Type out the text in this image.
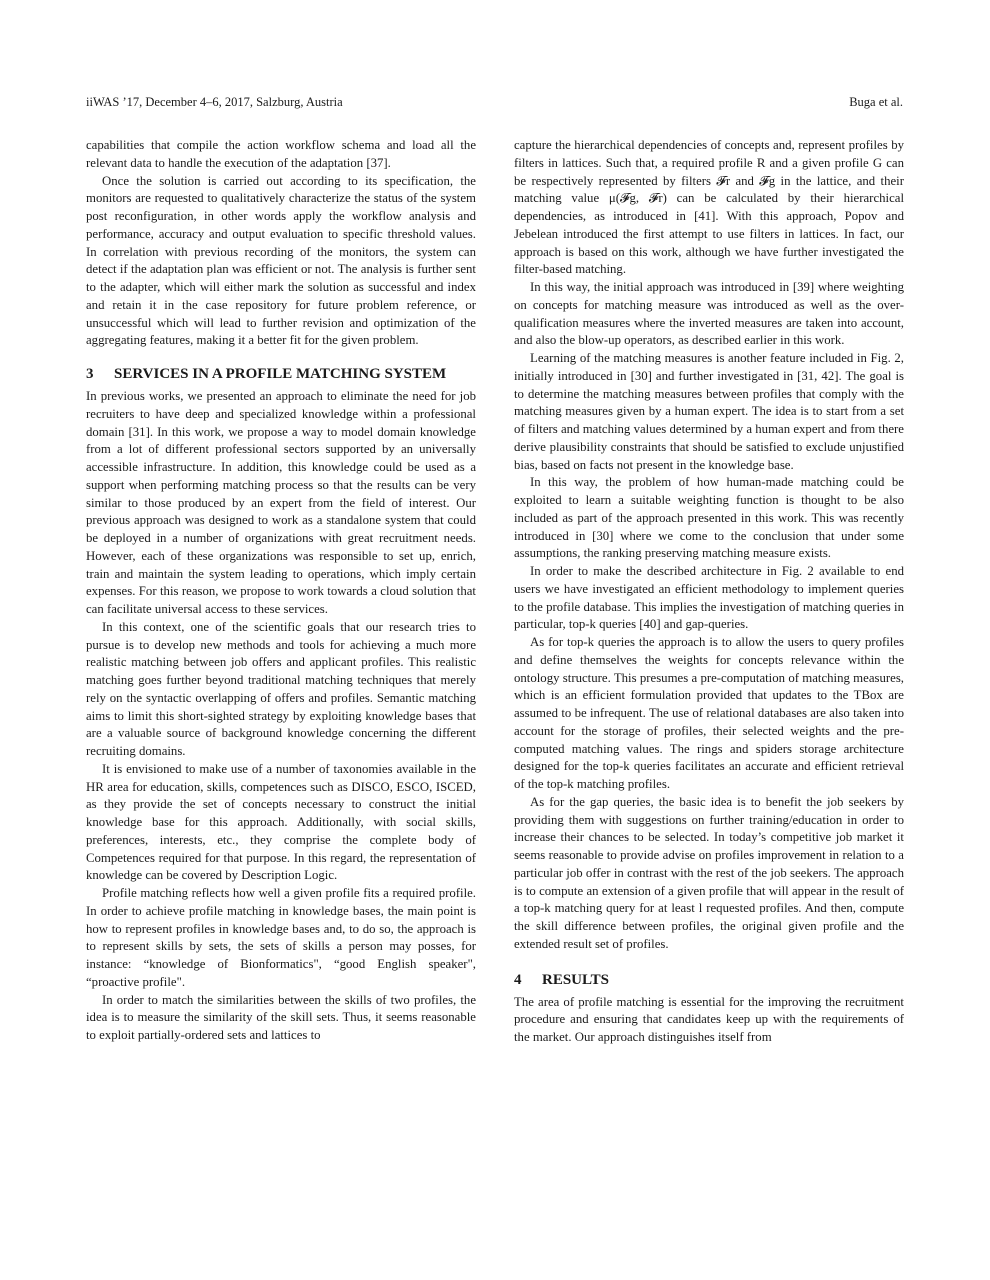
iiWAS ’17, December 4–6, 2017, Salzburg, Austria	Buga et al.

capabilities that compile the action workflow schema and load all the relevant data to handle the execution of the adaptation [37].

Once the solution is carried out according to its specification, the monitors are requested to qualitatively characterize the status of the system post reconfiguration, in other words apply the workflow analysis and performance, accuracy and output evaluation to specific threshold values. In correlation with previous recording of the monitors, the system can detect if the adaptation plan was efficient or not. The analysis is further sent to the adapter, which will either mark the solution as successful and index and retain it in the case repository for future problem reference, or unsuccessful which will lead to further revision and optimization of the aggregating features, making it a better fit for the given problem.

3	SERVICES IN A PROFILE MATCHING SYSTEM

In previous works, we presented an approach to eliminate the need for job recruiters to have deep and specialized knowledge within a professional domain [31]. In this work, we propose a way to model domain knowledge from a lot of different professional sectors supported by an universally accessible infrastructure. In addition, this knowledge could be used as a support when performing matching process so that the results can be very similar to those produced by an expert from the field of interest. Our previous approach was designed to work as a standalone system that could be deployed in a number of organizations with great recruitment needs. However, each of these organizations was responsible to set up, enrich, train and maintain the system leading to operations, which imply certain expenses. For this reason, we propose to work towards a cloud solution that can facilitate universal access to these services.

In this context, one of the scientific goals that our research tries to pursue is to develop new methods and tools for achieving a much more realistic matching between job offers and applicant profiles. This realistic matching goes further beyond traditional matching techniques that merely rely on the syntactic overlapping of offers and profiles. Semantic matching aims to limit this short-sighted strategy by exploiting knowledge bases that are a valuable source of background knowledge concerning the different recruiting domains.

It is envisioned to make use of a number of taxonomies available in the HR area for education, skills, competences such as DISCO, ESCO, ISCED, as they provide the set of concepts necessary to construct the initial knowledge base for this approach. Additionally, with social skills, preferences, interests, etc., they comprise the complete body of Competences required for that purpose. In this regard, the representation of knowledge can be covered by Description Logic.

Profile matching reflects how well a given profile fits a required profile. In order to achieve profile matching in knowledge bases, the main point is how to represent profiles in knowledge bases and, to do so, the approach is to represent skills by sets, the sets of skills a person may posses, for instance: “knowledge of Bionformatics", “good English speaker", “proactive profile".

In order to match the similarities between the skills of two profiles, the idea is to measure the similarity of the skill sets. Thus, it seems reasonable to exploit partially-ordered sets and lattices to

capture the hierarchical dependencies of concepts and, represent profiles by filters in lattices. Such that, a required profile R and a given profile G can be respectively represented by filters 𝓕r and 𝓕g in the lattice, and their matching value μ(𝓕g, 𝓕r) can be calculated by their hierarchical dependencies, as introduced in [41]. With this approach, Popov and Jebelean introduced the first attempt to use filters in lattices. In fact, our approach is based on this work, although we have further investigated the filter-based matching.

In this way, the initial approach was introduced in [39] where weighting on concepts for matching measure was introduced as well as the over-qualification measures where the inverted measures are taken into account, and also the blow-up operators, as described earlier in this work.

Learning of the matching measures is another feature included in Fig. 2, initially introduced in [30] and further investigated in [31, 42]. The goal is to determine the matching measures between profiles that comply with the matching measures given by a human expert. The idea is to start from a set of filters and matching values determined by a human expert and from there derive plausibility constraints that should be satisfied to exclude unjustified bias, based on facts not present in the knowledge base.

In this way, the problem of how human-made matching could be exploited to learn a suitable weighting function is thought to be also included as part of the approach presented in this work. This was recently introduced in [30] where we come to the conclusion that under some assumptions, the ranking preserving matching measure exists.

In order to make the described architecture in Fig. 2 available to end users we have investigated an efficient methodology to implement queries to the profile database. This implies the investigation of matching queries in particular, top-k queries [40] and gap-queries.

As for top-k queries the approach is to allow the users to query profiles and define themselves the weights for concepts relevance within the ontology structure. This presumes a pre-computation of matching measures, which is an efficient formulation provided that updates to the TBox are assumed to be infrequent. The use of relational databases are also taken into account for the storage of profiles, their selected weights and the pre-computed matching values. The rings and spiders storage architecture designed for the top-k queries facilitates an accurate and efficient retrieval of the top-k matching profiles.

As for the gap queries, the basic idea is to benefit the job seekers by providing them with suggestions on further training/education in order to increase their chances to be selected. In today’s competitive job market it seems reasonable to provide advise on profiles improvement in relation to a particular job offer in contrast with the rest of the job seekers. The approach is to compute an extension of a given profile that will appear in the result of a top-k matching query for at least l requested profiles. And then, compute the skill difference between profiles, the original given profile and the extended result set of profiles.

4	RESULTS

The area of profile matching is essential for the improving the recruitment procedure and ensuring that candidates keep up with the requirements of the market. Our approach distinguishes itself from
